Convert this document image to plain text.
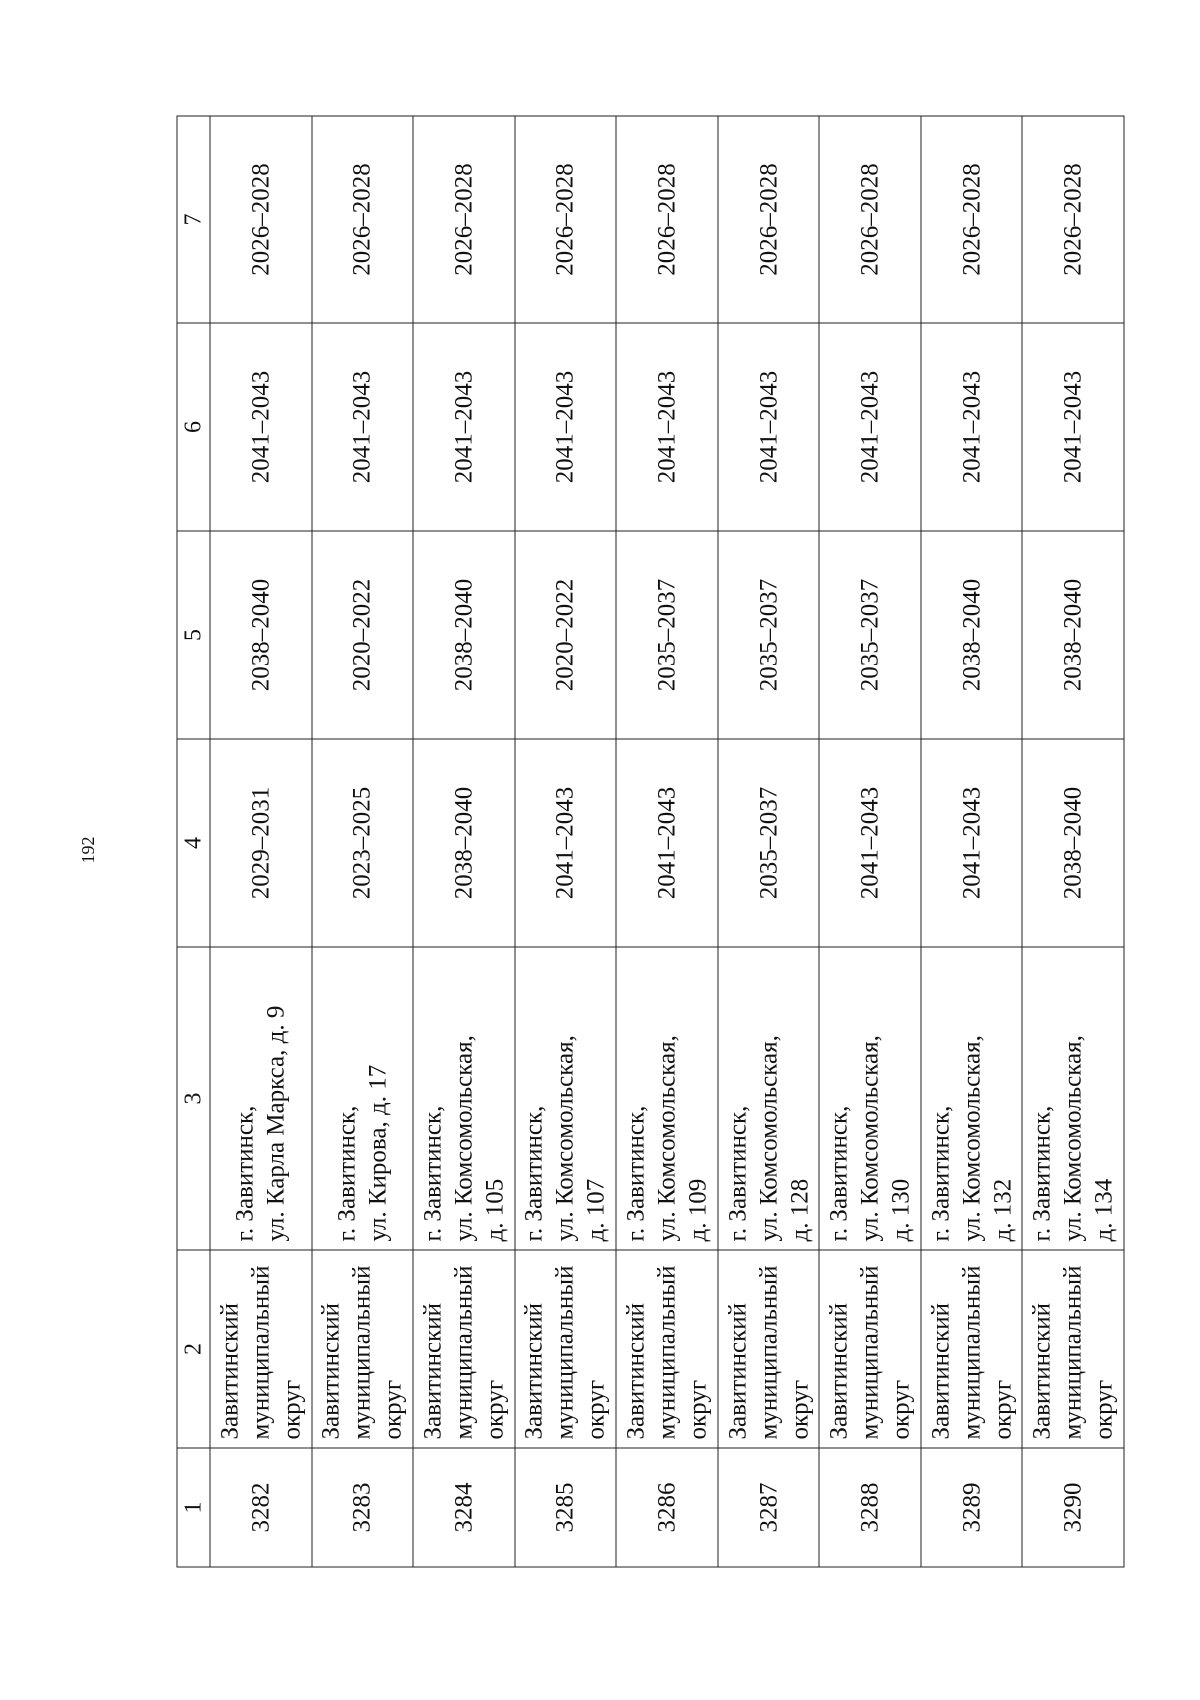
192
1	2	3	4	5	6	7
3282	Завитинский муниципальный округ	г. Завитинск, ул. Карла Маркса, д. 9	2029–2031	2038–2040	2041–2043	2026–2028
3283	Завитинский муниципальный округ	г. Завитинск, ул. Кирова, д. 17	2023–2025	2020–2022	2041–2043	2026–2028
3284	Завитинский муниципальный округ	г. Завитинск, ул. Комсомольская, д. 105	2038–2040	2038–2040	2041–2043	2026–2028
3285	Завитинский муниципальный округ	г. Завитинск, ул. Комсомольская, д. 107	2041–2043	2020–2022	2041–2043	2026–2028
3286	Завитинский муниципальный округ	г. Завитинск, ул. Комсомольская, д. 109	2041–2043	2035–2037	2041–2043	2026–2028
3287	Завитинский муниципальный округ	г. Завитинск, ул. Комсомольская, д. 128	2035–2037	2035–2037	2041–2043	2026–2028
3288	Завитинский муниципальный округ	г. Завитинск, ул. Комсомольская, д. 130	2041–2043	2035–2037	2041–2043	2026–2028
3289	Завитинский муниципальный округ	г. Завитинск, ул. Комсомольская, д. 132	2041–2043	2038–2040	2041–2043	2026–2028
3290	Завитинский муниципальный округ	г. Завитинск, ул. Комсомольская, д. 134	2038–2040	2038–2040	2041–2043	2026–2028
